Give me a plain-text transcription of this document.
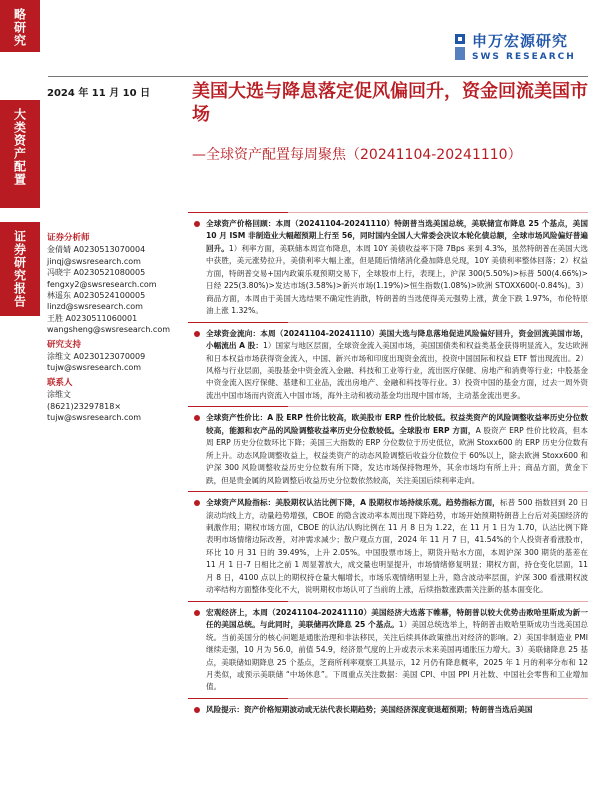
略研究
大类资产配置
证券研究报告
申万宏源研究
SWS RESEARCH
2024 年 11 月 10 日 美国大选与降息落定促风偏回升，资金回流美国市场
—全球资产配置每周聚焦（20241104-20241110）
证券分析师
金倩婧 A0230513070004
jinqj@swsresearch.com
冯晓宇 A0230521080005
fengxy2@swsresearch.com
林遥东 A0230524100005
linzd@swsresearch.com
王胜 A0230511060001
wangsheng@swsresearch.com
研究支持
涂维文 A0230123070009
tujw@swsresearch.com
联系人
涂维文
(8621)23297818×
tujw@swsresearch.com
全球资产价格回顾：本周（20241104-20241110）特朗普当选美国总统，美联储宣布降息 25 个基点，美国 10 月 ISM 非制造业大幅超预期上行至 56，同时国内全国人大常委会决议本轮化债总额，全球市场风险偏好普遍回升。1）利率方面，美联储本周宣布降息，本周 10Y 美债收益率下降 7Bps 来到 4.3%，虽然特朗普在美国大选中获胜，美元涨势拉升，美债利率大幅上涨，但是随后情绪消化叠加降息兑现，10Y 美债利率整体回落；2）权益方面，特朗普交易+国内政策乐观预期交易下，全球股市上行，表现上，沪深 300(5.50%)>标普 500(4.66%)>日经 225(3.80%)>发达市场(3.58%)>新兴市场(1.19%)>恒生指数(1.08%)>欧洲 STOXX600(-0.84%)。3）商品方面，本周由于美国大选结果不确定性消散，特朗普的当选使得美元强势上涨，黄金下跌 1.97%，布伦特原油上涨 1.32%。
全球资金流向：本周（20241104-20241110）美国大选与降息落地促进风险偏好回升，资金回流美国市场，小幅流出 A 股：1）国家与地区层面，全球资金流入美国市场，美国国债类和权益类基金获得明显流入，发达欧洲和日本权益市场获得资金流入，中国、新兴市场和印度出现资金流出，投资中国国际和权益 ETF 暂出现流出。2）风格与行业层面，美股基金中资金流入金融、科技和工业等行业，流出医疗保健、房地产和消费等行业；中股基金中资金流入医疗保健、基建和工业品，流出房地产、金融和科技等行业。3）投资中国的基金方面，过去一周外资流出中国市场而内资流入中国市场，海外主动和被动基金均出现中国市场，主动基金流出更多。
全球资产性价比：A 股 ERP 性价比较高，欧美股市 ERP 性价比较低。权益类资产的风险调整收益率历史分位数较高，能源和农产品的风险调整收益率历史分位数较低。全球股市 ERP 方面，A 股资产 ERP 性价比较高，但本周 ERP 历史分位数环比下降；美国三大指数的 ERP 分位数位于历史低位，欧洲 Stoxx600 的 ERP 历史分位数有所上升。动态风险调整收益上，权益类资产的动态风险调整后收益分位数位于 60%以上，除去欧洲 Stoxx600 和沪深 300 风险调整收益历史分位数有所下降，发达市场保持物理外，其余市场均有所上升；商品方面，黄金下跌，但是贵金属的风险调整后收益历史分位数依然较高，关注美国后续利率走向。
全球资产风险指标：美股期权认沽比例下降，A 股期权市场持续乐观。趋势指标方面，标普 500 指数回到 20 日滚动均线上方，动量趋势增强，CBOE 的隐含波动率本周出现下降趋势，市场开始预期特朗普上台后对美国经济的刺激作用；期权市场方面，CBOE 的认沽/认购比例在 11 月 8 日为 1.22，在 11 月 1 日为 1.70，认沽比例下降表明市场情绪边际改善，对冲需求减少；散户观点方面，2024 年 11 月 7 日，41.54%的个人投资者看涨股市，环比 10 月 31 日的 39.49%，上升 2.05%。中国股票市场上，期货升贴水方面，本周沪深 300 期货的基差在 11 月 1 日-7 日相比之前 1 周显著放大，成交量也明显提升，市场情绪修复明显；期权方面，持仓变化层面，11 月 8 日，4100 点以上的期权持仓量大幅增长，市场乐观情绪明显上升，隐含波动率层面，沪深 300 看涨期权波动率结构方面整体变化不大，说明期权市场认可了当前的上涨，后续指数涨跌需关注新的基本面变化。
宏观经济上，本周（20241104-20241110）美国经济大选落下帷幕，特朗普以较大优势击败哈里斯成为新一任的美国总统。与此同时，美联储再次降息 25 个基点。1）美国总统选举上，特朗普击败哈里斯成功当选美国总统。当前美国分的核心问题是通胀治理和非法移民，关注后续具体政策推出对经济的影响。2）美国非制造业 PMI 继续走强，10 月为 56.0，前值 54.9，经济景气度的上升或表示未来美国再通胀压力增大。3）美联储降息 25 基点，美联储如期降息 25 个基点，芝商所利率观察工具显示，12 月仍有降息概率，2025 年 1 月的利率分布和 12 月类似，或预示美联储 “中场休息”。下周重点关注数据：美国 CPI、中国 PPI 月社数、中国社会零售和工业增加值。
风险提示：资产价格短期波动或无法代表长期趋势；美国经济深度衰退超预期；特朗普当选后美国
